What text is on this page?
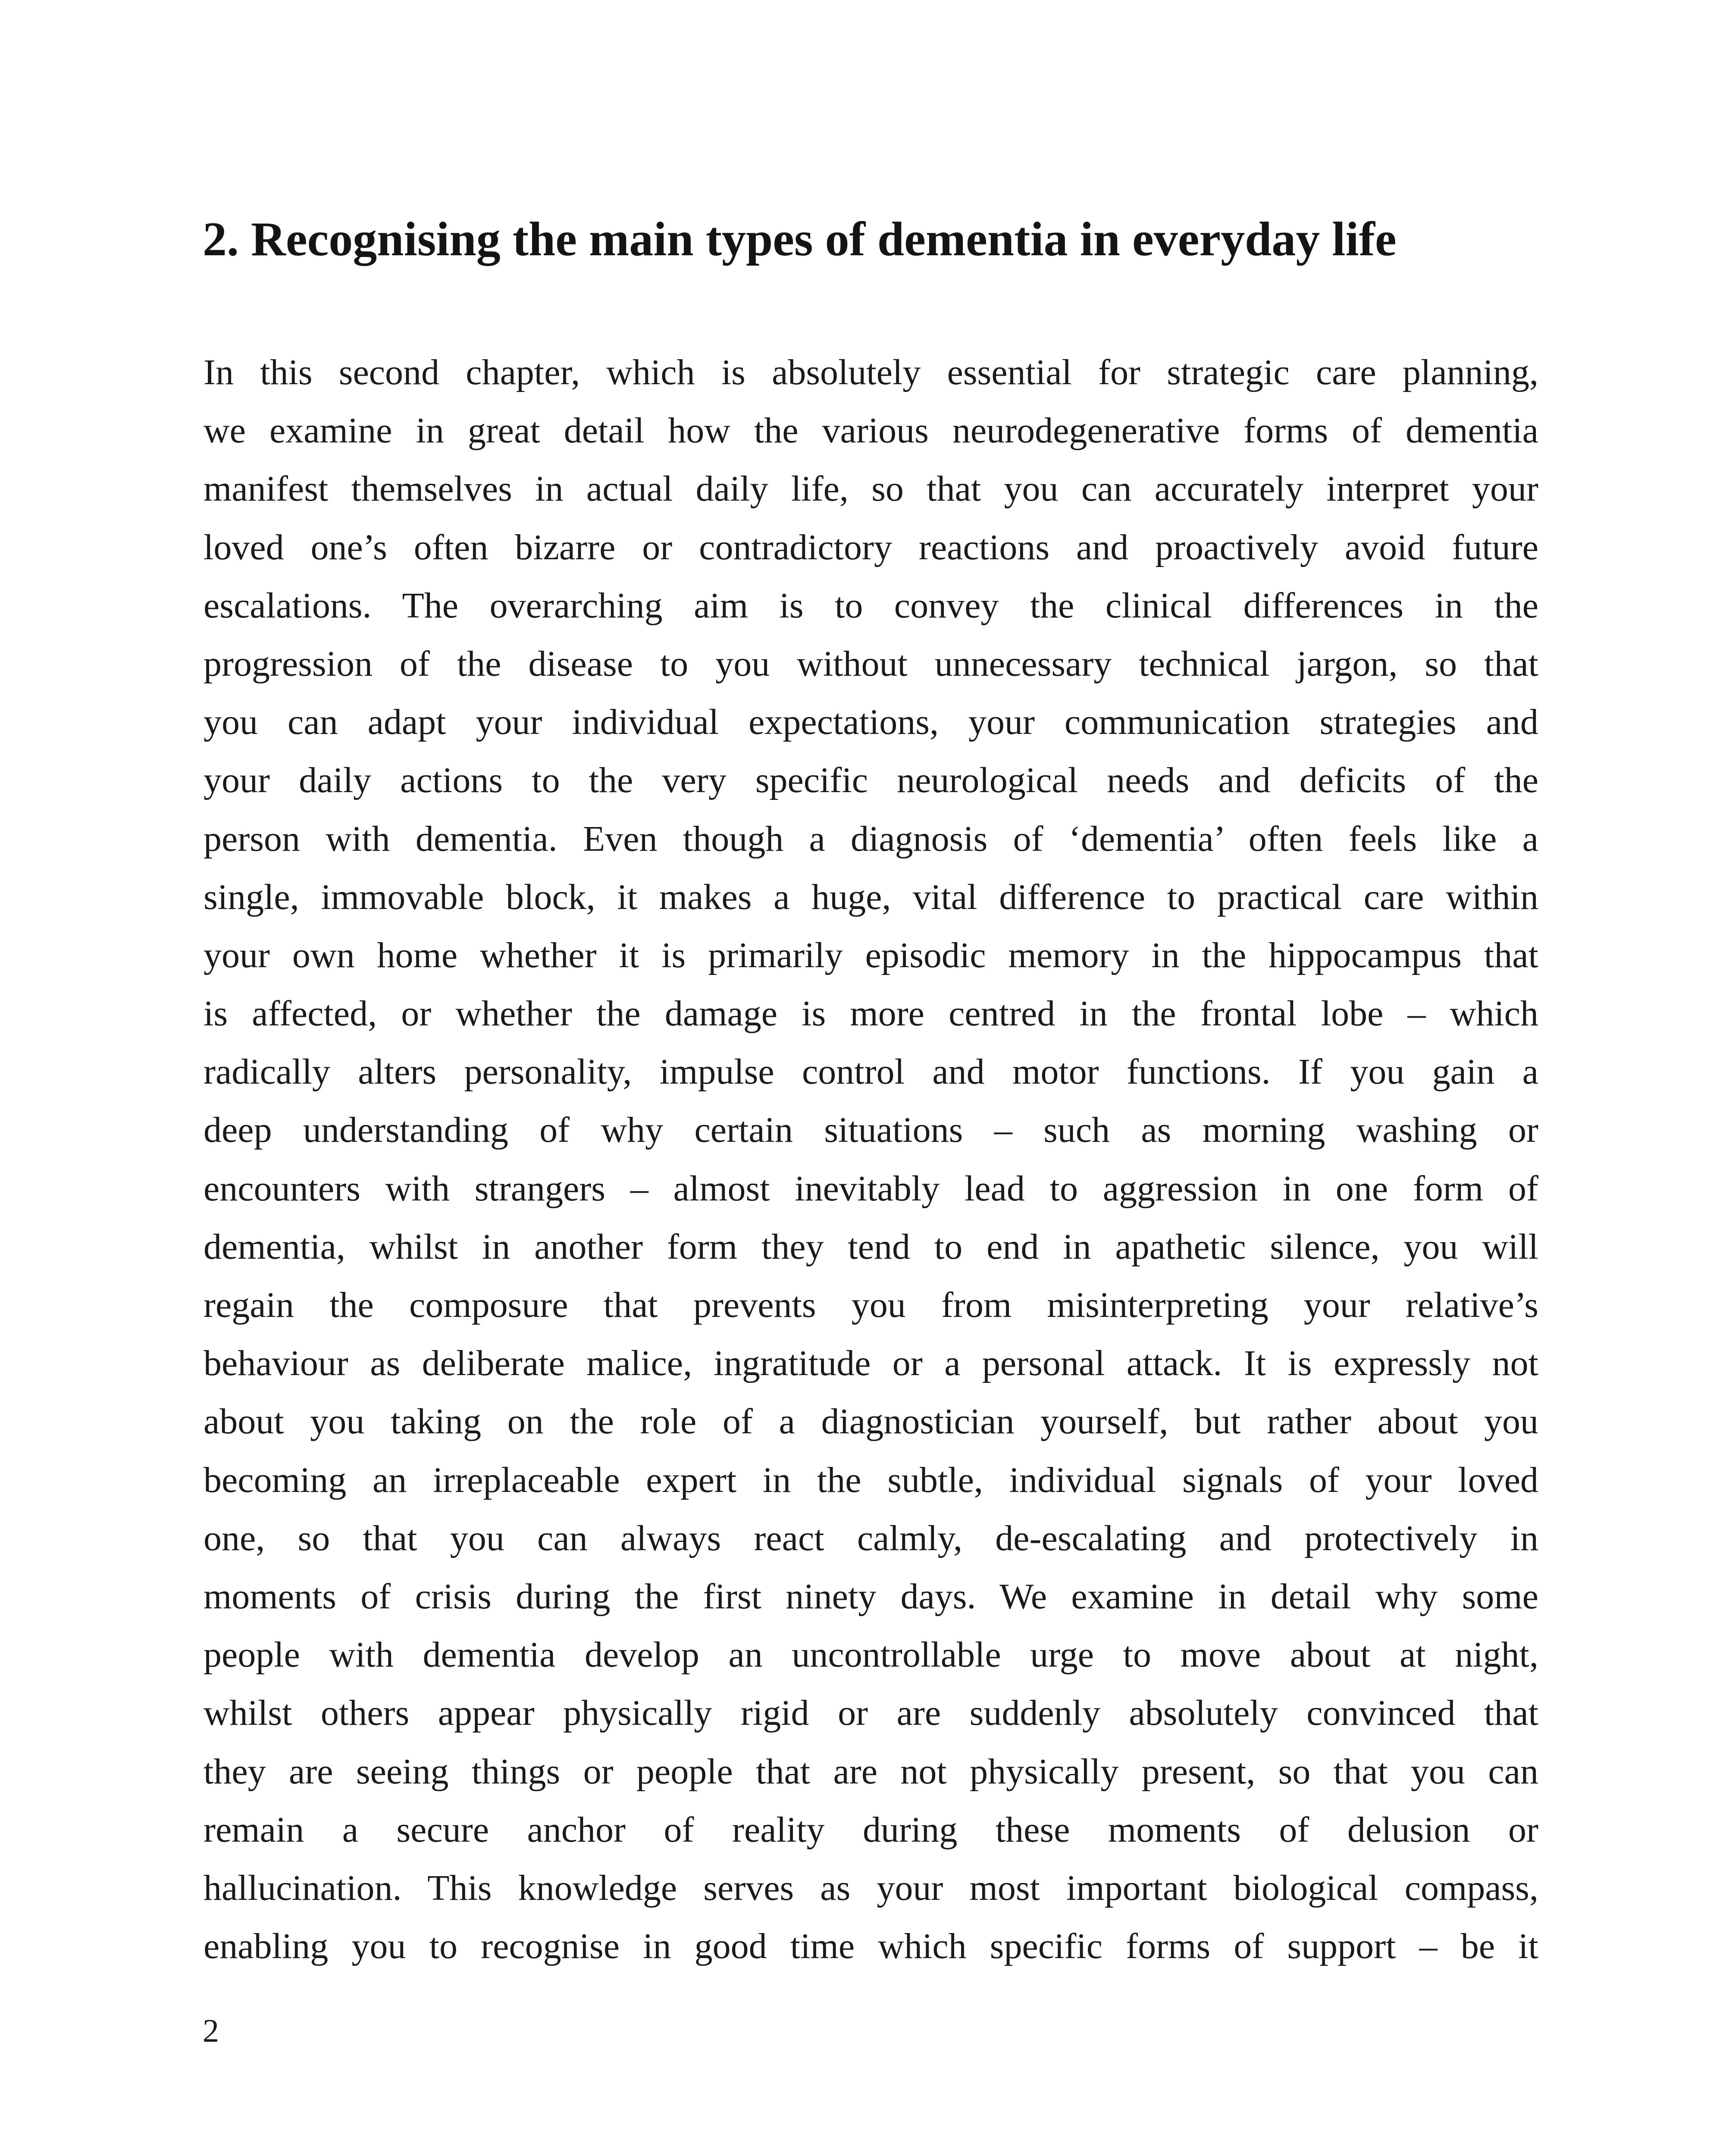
2. Recognising the main types of dementia in everyday life
In this second chapter, which is absolutely essential for strategic care planning,
we examine in great detail how the various neurodegenerative forms of dementia
manifest themselves in actual daily life, so that you can accurately interpret your
loved one’s often bizarre or contradictory reactions and proactively avoid future
escalations. The overarching aim is to convey the clinical differences in the
progression of the disease to you without unnecessary technical jargon, so that
you can adapt your individual expectations, your communication strategies and
your daily actions to the very specific neurological needs and deficits of the
person with dementia. Even though a diagnosis of ‘dementia’ often feels like a
single, immovable block, it makes a huge, vital difference to practical care within
your own home whether it is primarily episodic memory in the hippocampus that
is affected, or whether the damage is more centred in the frontal lobe – which
radically alters personality, impulse control and motor functions. If you gain a
deep understanding of why certain situations – such as morning washing or
encounters with strangers – almost inevitably lead to aggression in one form of
dementia, whilst in another form they tend to end in apathetic silence, you will
regain the composure that prevents you from misinterpreting your relative’s
behaviour as deliberate malice, ingratitude or a personal attack. It is expressly not
about you taking on the role of a diagnostician yourself, but rather about you
becoming an irreplaceable expert in the subtle, individual signals of your loved
one, so that you can always react calmly, de-escalating and protectively in
moments of crisis during the first ninety days. We examine in detail why some
people with dementia develop an uncontrollable urge to move about at night,
whilst others appear physically rigid or are suddenly absolutely convinced that
they are seeing things or people that are not physically present, so that you can
remain a secure anchor of reality during these moments of delusion or
hallucination. This knowledge serves as your most important biological compass,
enabling you to recognise in good time which specific forms of support – be it
2
